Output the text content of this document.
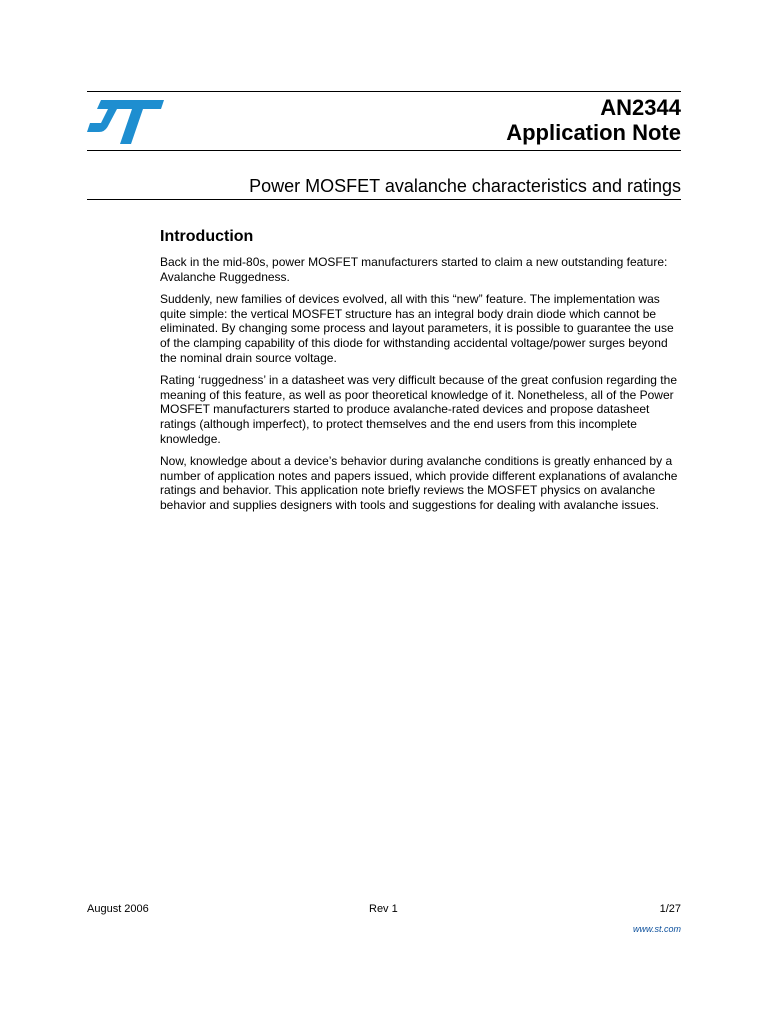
AN2344
Application Note
Power MOSFET avalanche characteristics and ratings
Introduction

Back in the mid-80s, power MOSFET manufacturers started to claim a new outstanding feature: Avalanche Ruggedness.

Suddenly, new families of devices evolved, all with this “new” feature. The implementation was quite simple: the vertical MOSFET structure has an integral body drain diode which cannot be eliminated. By changing some process and layout parameters, it is possible to guarantee the use of the clamping capability of this diode for withstanding accidental voltage/power surges beyond the nominal drain source voltage.

Rating ‘ruggedness’ in a datasheet was very difficult because of the great confusion regarding the meaning of this feature, as well as poor theoretical knowledge of it. Nonetheless, all of the Power MOSFET manufacturers started to produce avalanche-rated devices and propose datasheet ratings (although imperfect), to protect themselves and the end users from this incomplete knowledge.

Now, knowledge about a device’s behavior during avalanche conditions is greatly enhanced by a number of application notes and papers issued, which provide different explanations of avalanche ratings and behavior. This application note briefly reviews the MOSFET physics on avalanche behavior and supplies designers with tools and suggestions for dealing with avalanche issues.

August 2006	Rev 1	1/27
www.st.com
